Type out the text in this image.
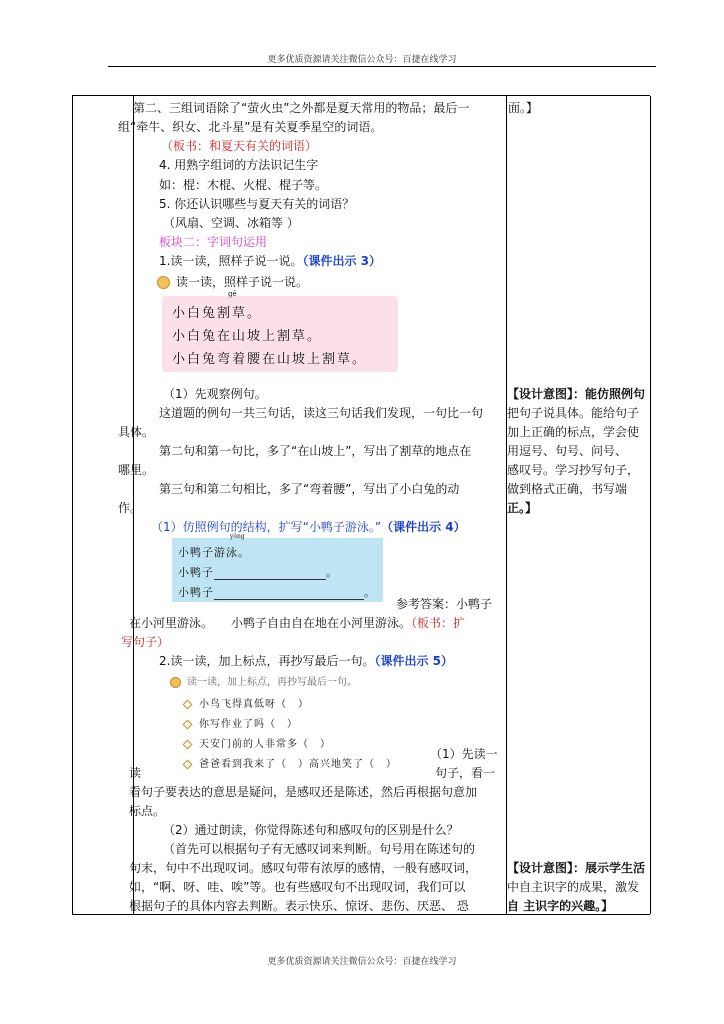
更多优质资源请关注微信公众号：百捷在线学习
第二、三组词语除了“萤火虫”之外都是夏天常用的物品；最后一
组“牵牛、织女、北斗星”是有关夏季星空的词语。
（板书：和夏天有关的词语）
4. 用熟字组词的方法识记生字
如：棍：木棍、火棍、棍子等。
5. 你还认识哪些与夏天有关的词语？
（风扇、空调、冰箱等 ）
板块二：字词句运用
1.读一读，照样子说一说。（课件出示 3）
读一读，照样子说一说。
gē
小白兔割草。
小白兔在山坡上割草。
小白兔弯着腰在山坡上割草。
（1）先观察例句。
这道题的例句一共三句话，读这三句话我们发现，一句比一句
具体。
第二句和第一句比，多了“在山坡上”，写出了割草的地点在
哪里。
第三句和第二句相比，多了“弯着腰”，写出了小白兔的动
作。
（1）仿照例句的结构，扩写“小鸭子游泳。”（课件出示 4）
yǒng
小鸭子游泳。
小鸭子	。
小鸭子	。
参考答案：小鸭子
在小河里游泳。　　小鸭子自由自在地在小河里游泳。（板书：扩
写句子）
2.读一读，加上标点，再抄写最后一句。（课件出示 5）
读一读，加上标点，再抄写最后一句。
小鸟飞得真低呀（　）
你写作业了吗（　）
天安门前的人非常多（　）
爸爸看到我来了（　）高兴地笑了（　）
（1）先读一
读	句子，看一
看句子要表达的意思是疑问，是感叹还是陈述，然后再根据句意加
标点。
（2）通过朗读，你觉得陈述句和感叹句的区别是什么？
（首先可以根据句子有无感叹词来判断。句号用在陈述句的
句末，句中不出现叹词。感叹句带有浓厚的感情，一般有感叹词，
如，“啊、呀、哇、唉”等。也有些感叹句不出现叹词，我们可以
根据句子的具体内容去判断。表示快乐、惊讶、悲伤、厌恶、 恐
面。】
【设计意图】：能仿照例句
把句子说具体。能给句子
加上正确的标点，学会使
用逗号、句号、问号、
感叹号。学习抄写句子，
做到格式正确，书写端
正。】
【设计意图】：展示学生活
中自主识字的成果，激发
自 主识字的兴趣。】
更多优质资源请关注微信公众号：百捷在线学习
